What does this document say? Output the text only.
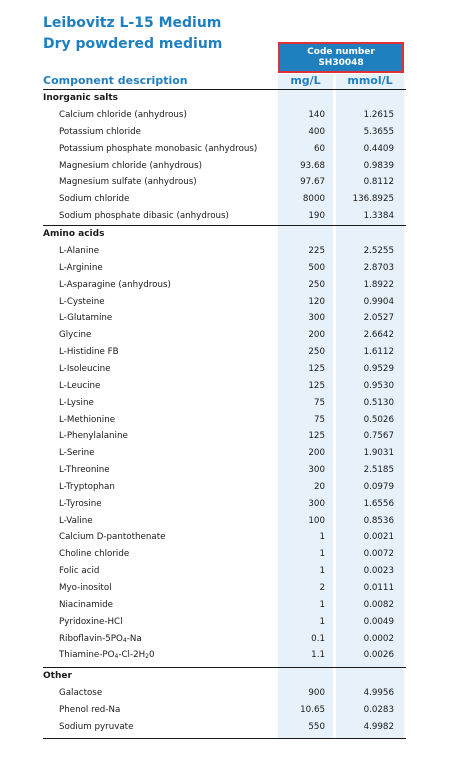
Leibovitz L-15 Medium
Dry powdered medium	Code number
SH30048
Component description	mg/L	mmol/L
Inorganic salts
Calcium chloride (anhydrous)	140	1.2615
Potassium chloride	400	5.3655
Potassium phosphate monobasic (anhydrous)	60	0.4409
Magnesium chloride (anhydrous)	93.68	0.9839
Magnesium sulfate (anhydrous)	97.67	0.8112
Sodium chloride	8000	136.8925
Sodium phosphate dibasic (anhydrous)	190	1.3384
Amino acids
L-Alanine	225	2.5255
L-Arginine	500	2.8703
L-Asparagine (anhydrous)	250	1.8922
L-Cysteine	120	0.9904
L-Glutamine	300	2.0527
Glycine	200	2.6642
L-Histidine FB	250	1.6112
L-Isoleucine	125	0.9529
L-Leucine	125	0.9530
L-Lysine	75	0.5130
L-Methionine	75	0.5026
L-Phenylalanine	125	0.7567
L-Serine	200	1.9031
L-Threonine	300	2.5185
L-Tryptophan	20	0.0979
L-Tyrosine	300	1.6556
L-Valine	100	0.8536
Calcium D-pantothenate	1	0.0021
Choline chloride	1	0.0072
Folic acid	1	0.0023
Myo-inositol	2	0.0111
Niacinamide	1	0.0082
Pyridoxine-HCl	1	0.0049
Riboflavin-$5PO_4-Na$	0.1	0.0002
Thiamine-$PO_4-Cl-2H_20$	1.1	0.0026
Other
Galactose	900	4.9956
Phenol red-Na	10.65	0.0283
Sodium pyruvate	550	4.9982
